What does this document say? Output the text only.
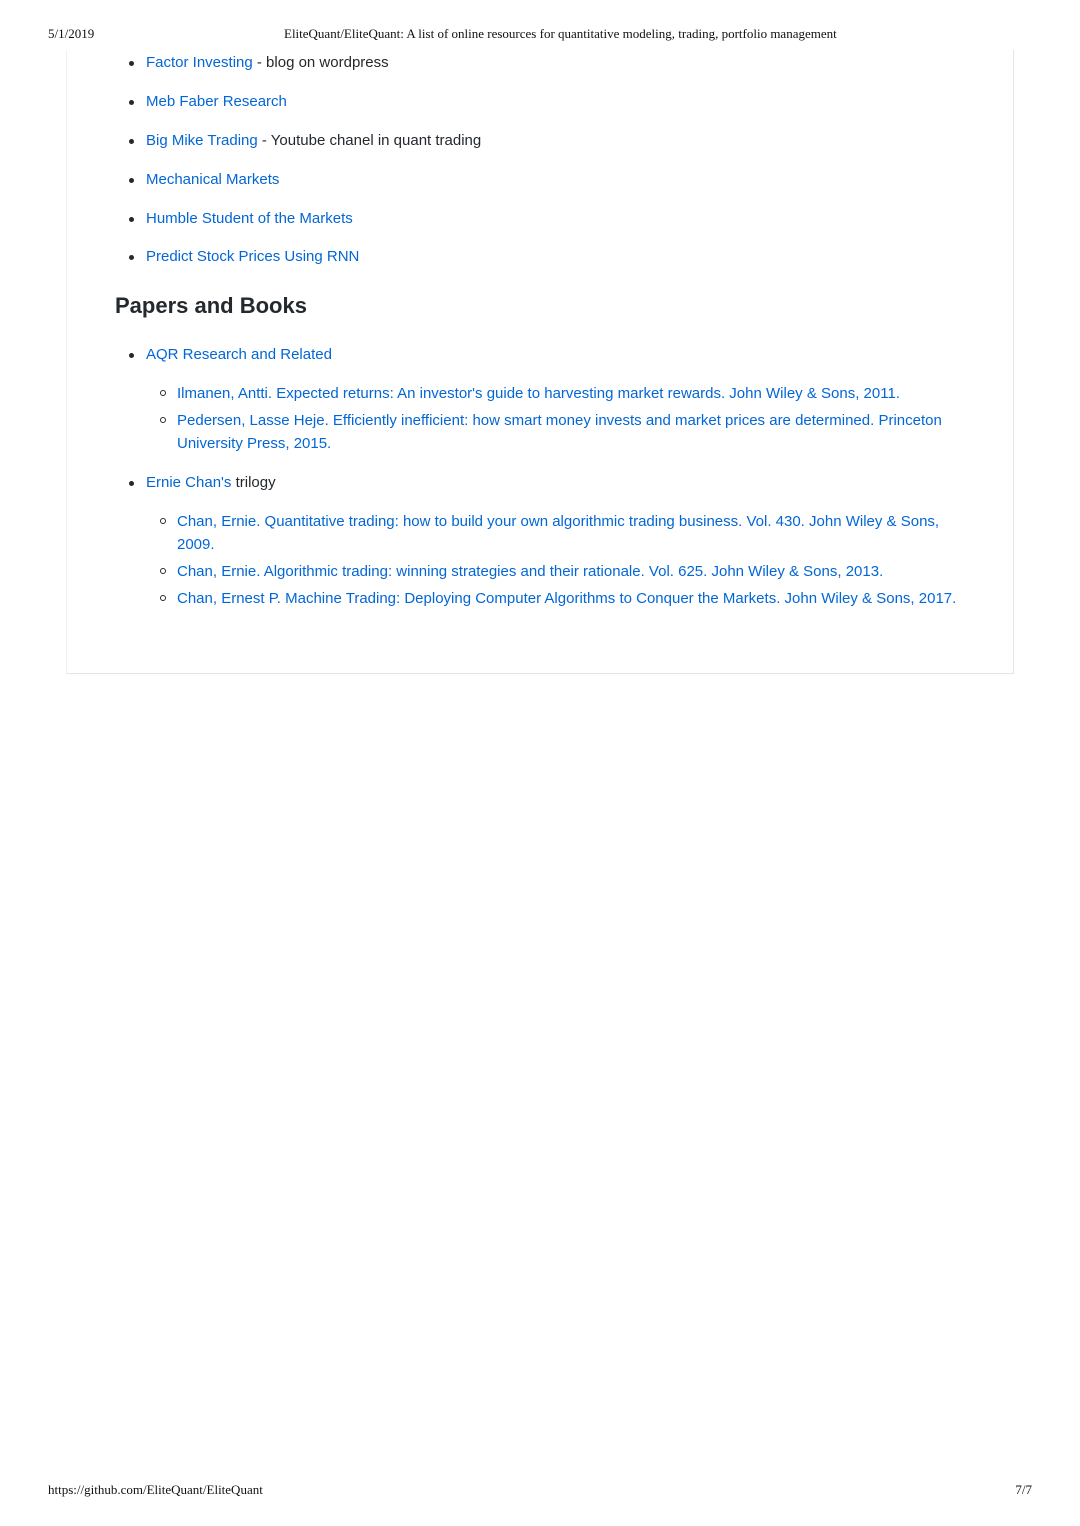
5/1/2019	EliteQuant/EliteQuant: A list of online resources for quantitative modeling, trading, portfolio management
Factor Investing - blog on wordpress
Meb Faber Research
Big Mike Trading - Youtube chanel in quant trading
Mechanical Markets
Humble Student of the Markets
Predict Stock Prices Using RNN
Papers and Books
AQR Research and Related
Ilmanen, Antti. Expected returns: An investor's guide to harvesting market rewards. John Wiley & Sons, 2011.
Pedersen, Lasse Heje. Efficiently inefficient: how smart money invests and market prices are determined. Princeton University Press, 2015.
Ernie Chan's trilogy
Chan, Ernie. Quantitative trading: how to build your own algorithmic trading business. Vol. 430. John Wiley & Sons, 2009.
Chan, Ernie. Algorithmic trading: winning strategies and their rationale. Vol. 625. John Wiley & Sons, 2013.
Chan, Ernest P. Machine Trading: Deploying Computer Algorithms to Conquer the Markets. John Wiley & Sons, 2017.
https://github.com/EliteQuant/EliteQuant	7/7
